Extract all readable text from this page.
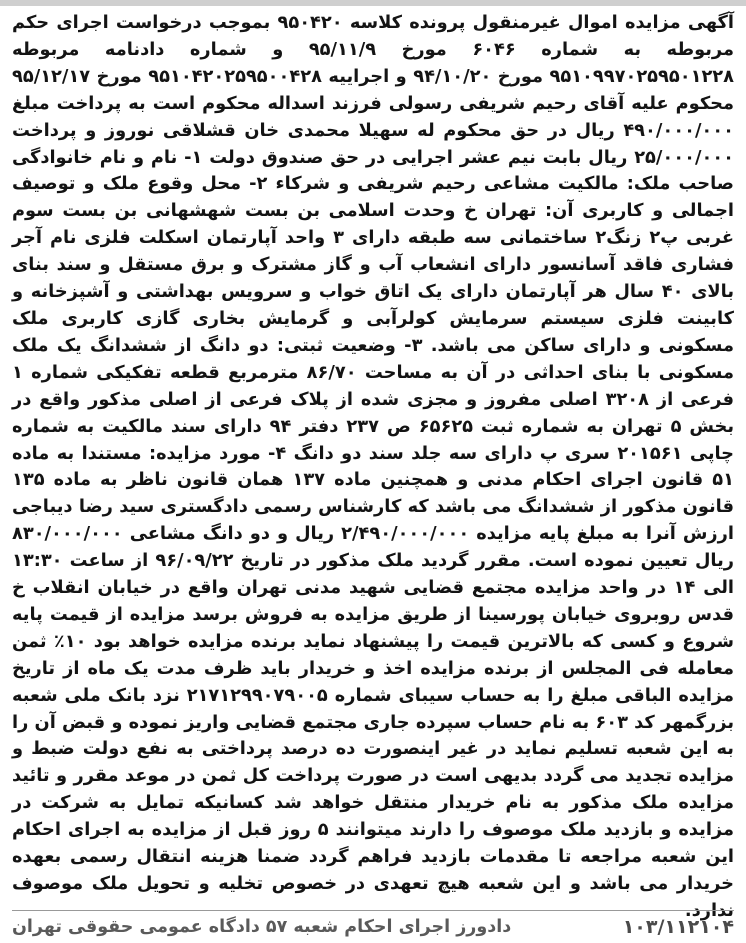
آگهی مزایده اموال غیرمنقول پرونده کلاسه ۹۵۰۴۲۰ بموجب درخواست اجرای حکم مربوطه به شماره ۶۰۴۶ مورخ ۹۵/۱۱/۹ و شماره دادنامه مربوطه ۹۵۱۰۹۹۷۰۲۵۹۵۰۱۲۲۸ مورخ ۹۴/۱۰/۲۰ و اجراییه ۹۵۱۰۴۲۰۲۵۹۵۰۰۴۲۸ مورخ ۹۵/۱۲/۱۷ محکوم علیه آقای رحیم شریفی رسولی فرزند اسداله محکوم است به پرداخت مبلغ ۴۹۰/۰۰۰/۰۰۰ ریال در حق محکوم له سهیلا محمدی خان قشلاقی نوروز و پرداخت ۲۵/۰۰۰/۰۰۰ ریال بابت نیم عشر اجرایی در حق صندوق دولت ۱- نام و نام خانوادگی صاحب ملک: مالکیت مشاعی رحیم شریفی و شرکاء ۲- محل وقوع ملک و توصیف اجمالی و کاربری آن: تهران خ وحدت اسلامی بن بست شهشهانی بن بست سوم غربی پ۲ زنگ۲ ساختمانی سه طبقه دارای ۳ واحد آپارتمان اسکلت فلزی نام آجر فشاری فاقد آسانسور دارای انشعاب آب و گاز مشترک و برق مستقل و سند بنای بالای ۴۰ سال هر آپارتمان دارای یک اتاق خواب و سرویس بهداشتی و آشپزخانه و کابینت فلزی سیستم سرمایش کولرآبی و گرمایش بخاری گازی کاربری ملک مسکونی و دارای ساکن می باشد. ۳- وضعیت ثبتی: دو دانگ از ششدانگ یک ملک مسکونی با بنای احداثی در آن به مساحت ۸۶/۷۰ مترمربع قطعه تفکیکی شماره ۱ فرعی از ۳۲۰۸ اصلی مفروز و مجزی شده از پلاک فرعی از اصلی مذکور واقع در بخش ۵ تهران به شماره ثبت ۶۵۶۲۵ ص ۲۳۷ دفتر ۹۴ دارای سند مالکیت به شماره چاپی ۲۰۱۵۶۱ سری پ دارای سه جلد سند دو دانگ ۴- مورد مزایده: مستندا به ماده ۵۱ قانون اجرای احکام مدنی و همچنین ماده ۱۳۷ همان قانون ناظر به ماده ۱۳۵ قانون مذکور از ششدانگ می باشد که کارشناس رسمی دادگستری سید رضا دیباجی ارزش آنرا به مبلغ پایه مزایده ۲/۴۹۰/۰۰۰/۰۰۰ ریال و دو دانگ مشاعی ۸۳۰/۰۰۰/۰۰۰ ریال تعیین نموده است. مقرر گردید ملک مذکور در تاریخ ۹۶/۰۹/۲۲ از ساعت ۱۳:۳۰ الی ۱۴ در واحد مزایده مجتمع قضایی شهید مدنی تهران واقع در خیابان انقلاب خ قدس روبروی خیابان پورسینا از طریق مزایده به فروش برسد مزایده از قیمت پایه شروع و کسی که بالاترین قیمت را پیشنهاد نماید برنده مزایده خواهد بود ۱۰٪ ثمن معامله فی المجلس از برنده مزایده اخذ و خریدار باید ظرف مدت یک ماه از تاریخ مزایده الباقی مبلغ را به حساب سیبای شماره ۲۱۷۱۲۹۹۰۷۹۰۰۵ نزد بانک ملی شعبه بزرگمهر کد ۶۰۳ به نام حساب سپرده جاری مجتمع قضایی واریز نموده و قبض آن را به این شعبه تسلیم نماید در غیر اینصورت ده درصد پرداختی به نفع دولت ضبط و مزایده تجدید می گردد بدیهی است در صورت پرداخت کل ثمن در موعد مقرر و تائید مزایده ملک مذکور به نام خریدار منتقل خواهد شد کسانیکه تمایل به شرکت در مزایده و بازدید ملک موصوف را دارند میتوانند ۵ روز قبل از مزایده به اجرای احکام این شعبه مراجعه تا مقدمات بازدید فراهم گردد ضمنا هزینه انتقال رسمی بعهده خریدار می باشد و این شعبه هیچ تعهدی در خصوص تخلیه و تحویل ملک موصوف ندارد.

دادورز اجرای احکام شعبه ۵۷ دادگاه عمومی حقوقی تهران	۱۰۳/۱۱۲۱۰۴
